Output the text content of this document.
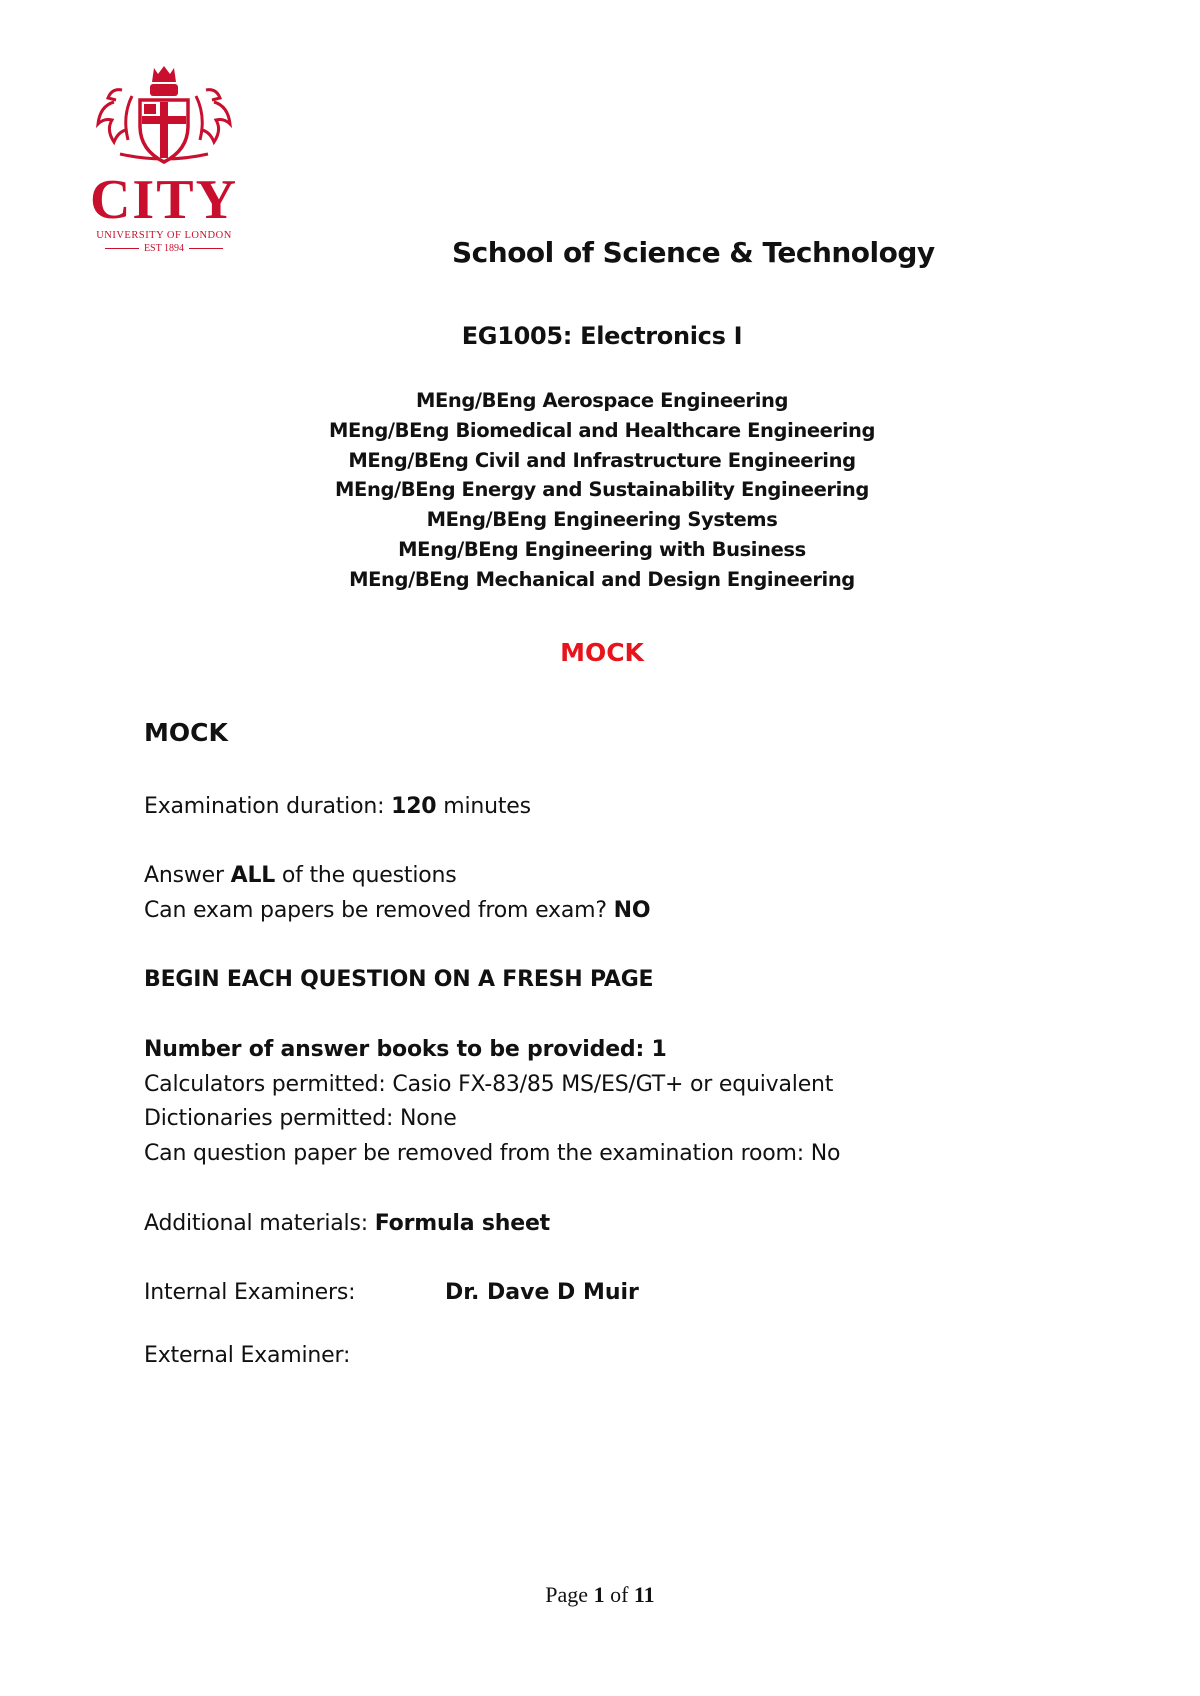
CITY
UNIVERSITY OF LONDON
EST 1894	School of Science & Technology
EG1005: Electronics I
MEng/BEng Aerospace Engineering
MEng/BEng Biomedical and Healthcare Engineering
MEng/BEng Civil and Infrastructure Engineering
MEng/BEng Energy and Sustainability Engineering
MEng/BEng Engineering Systems
MEng/BEng Engineering with Business
MEng/BEng Mechanical and Design Engineering
MOCK
MOCK
Examination duration: 120 minutes
Answer ALL of the questions
Can exam papers be removed from exam? NO
BEGIN EACH QUESTION ON A FRESH PAGE
Number of answer books to be provided: 1
Calculators permitted: Casio FX-83/85 MS/ES/GT+ or equivalent
Dictionaries permitted: None
Can question paper be removed from the examination room: No
Additional materials: Formula sheet
Internal Examiners:	Dr. Dave D Muir
External Examiner:
Page 1 of 11
